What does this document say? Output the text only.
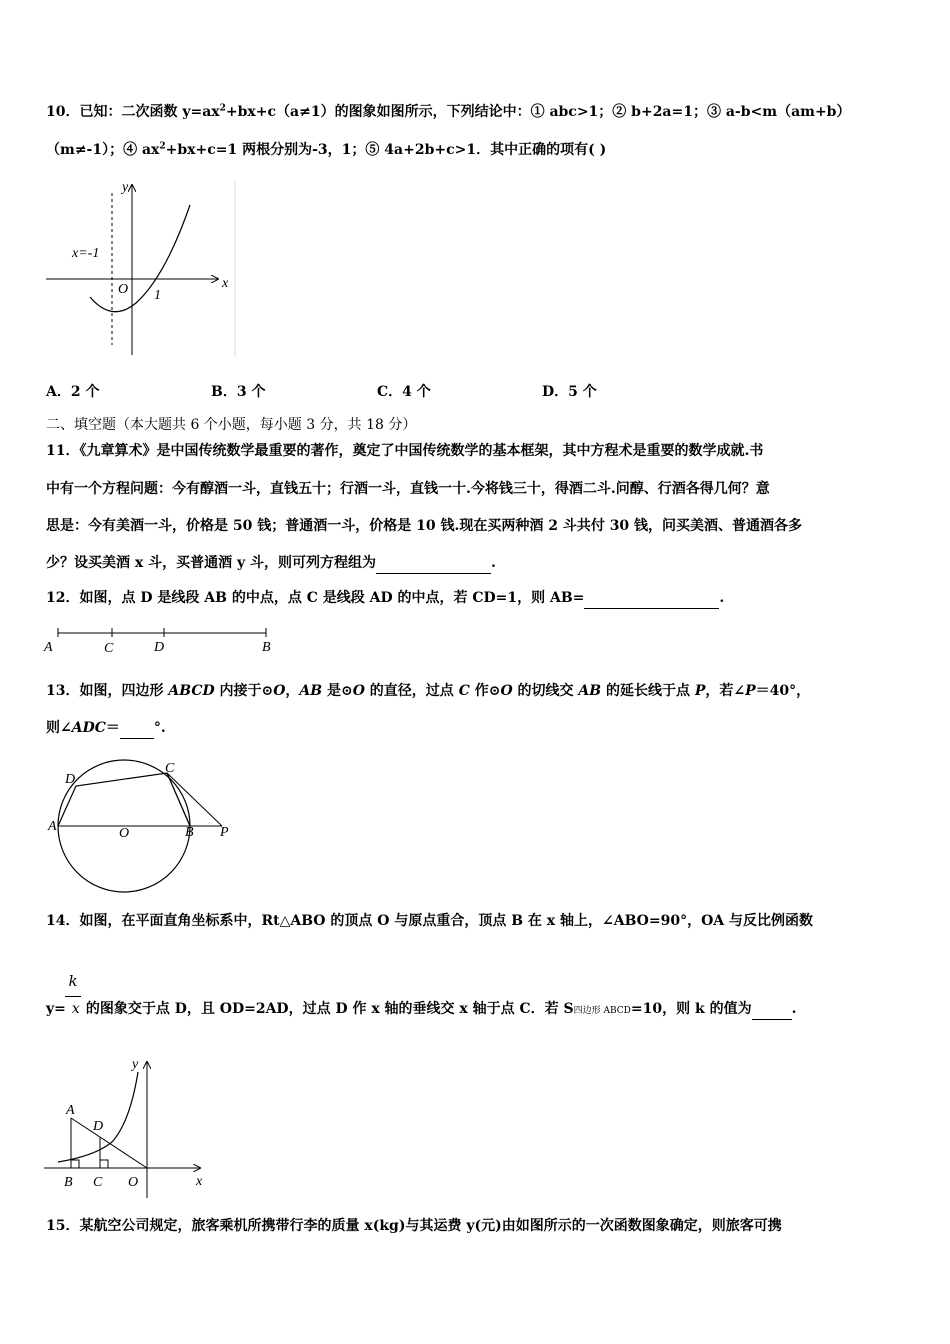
10．已知：二次函数 $y=ax^2+bx+c(a\ne 1)$的图象如图所示，下列结论中：① abc>1；② b+2a=1；③ a-b<m（am+b）
（m≠-1）；④ $ax^2+bx+c=1$ 两根分别为-3，1；⑤ 4a+2b+c>1．其中正确的项有( )
y
x
x=-1
O 1
A．2 个	B．3 个	C．4 个	D．5 个
二、填空题（本大题共 6 个小题，每小题 3 分，共 18 分）
11．《九章算术》是中国传统数学最重要的著作，奠定了中国传统数学的基本框架，其中方程术是重要的数学成就.书
中有一个方程问题：今有醇酒一斗，直钱五十；行酒一斗，直钱一十.今将钱三十，得酒二斗.问醇、行酒各得几何？意
思是：今有美酒一斗，价格是 50 钱；普通酒一斗，价格是 10 钱.现在买两种酒 2 斗共付 30 钱，问买美酒、普通酒各多
少？设买美酒 x 斗，买普通酒 y 斗，则可列方程组为	.
12．如图，点 D 是线段 AB 的中点，点 C 是线段 AD 的中点，若 CD=1，则 AB=	.
A	C	D	B
13．如图，四边形 ABCD 内接于⊙O，AB 是⊙O 的直径，过点 C 作⊙O 的切线交 AB 的延长线于点 P，若∠P＝40°，
则∠ADC＝ °.
D
C
A	O	B P
14．如图，在平面直角坐标系中，Rt△ABO 的顶点 O 与原点重合，顶点 B 在 x 轴上，∠ABO=90°，OA 与反比例函数
k
y= x 的图象交于点 D，且 OD=2AD，过点 D 作 x 轴的垂线交 x 轴于点 C．若 S四边形 ABCD=10，则 k 的值为	.
y
A
D
B C O	x
15．某航空公司规定，旅客乘机所携带行李的质量 x(kg)与其运费 y(元)由如图所示的一次函数图象确定，则旅客可携
